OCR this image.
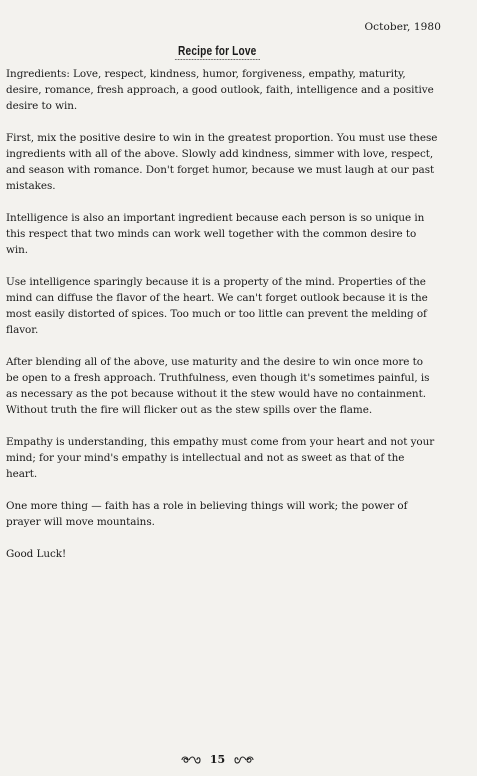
October, 1980
Recipe for Love

Ingredients: Love, respect, kindness, humor, forgiveness, empathy, maturity, desire, romance, fresh approach, a good outlook, faith, intelligence and a positive desire to win.

First, mix the positive desire to win in the greatest proportion. You must use these ingredients with all of the above. Slowly add kindness, simmer with love, respect, and season with romance. Don't forget humor, because we must laugh at our past mistakes.

Intelligence is also an important ingredient because each person is so unique in this respect that two minds can work well together with the common desire to win.

Use intelligence sparingly because it is a property of the mind. Properties of the mind can diffuse the flavor of the heart. We can't forget outlook because it is the most easily distorted of spices. Too much or too little can prevent the melding of flavor.

After blending all of the above, use maturity and the desire to win once more to be open to a fresh approach. Truthfulness, even though it's sometimes painful, is as necessary as the pot because without it the stew would have no containment. Without truth the fire will flicker out as the stew spills over the flame.

Empathy is understanding, this empathy must come from your heart and not your mind; for your mind's empathy is intellectual and not as sweet as that of the heart.

One more thing — faith has a role in believing things will work; the power of prayer will move mountains.

Good Luck!

15
